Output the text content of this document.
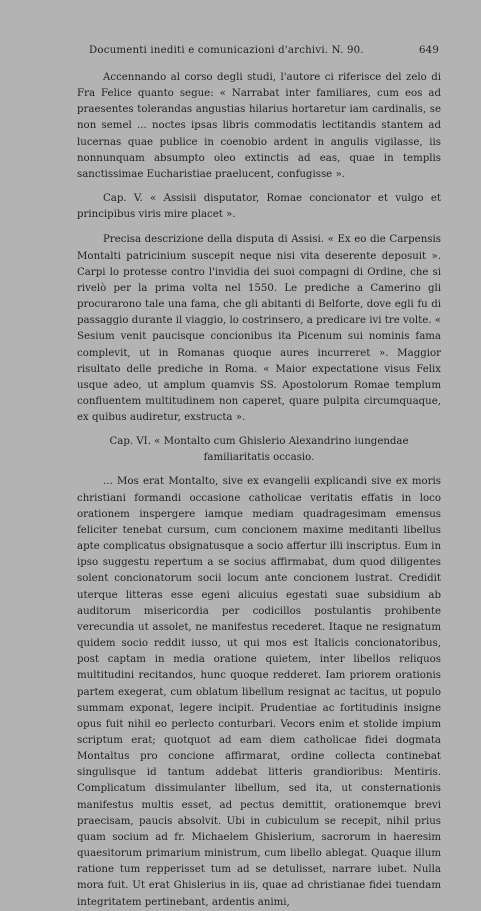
Documenti inediti e comunicazioni d'archivi. N. 90.	649

Accennando al corso degli studi, l'autore ci riferisce del zelo di Fra Felice quanto segue: « Narrabat inter familiares, cum eos ad praesentes tolerandas angustias hilarius hortaretur iam cardinalis, se non semel ... noctes ipsas libris commodatis lectitandis stantem ad lucernas quae publice in coenobio ardent in angulis vigilasse, iis nonnunquam absumpto oleo extinctis ad eas, quae in templis sanctissimae Eucharistiae praelucent, confugisse ».

Cap. V. « Assisii disputator, Romae concionator et vulgo et principibus viris mire placet ».

Precisa descrizione della disputa di Assisi. « Ex eo die Carpensis Montalti patricinium suscepit neque nisi vita deserente deposuit ». Carpi lo protesse contro l'invidia dei suoi compagni di Ordine, che si rivelò per la prima volta nel 1550. Le prediche a Camerino gli procurarono tale una fama, che gli abitanti di Belforte, dove egli fu di passaggio durante il viaggio, lo costrinsero, a predicare ivi tre volte. « Sesium venit paucisque concionibus ita Picenum sui nominis fama complevit, ut in Romanas quoque aures incurreret ». Maggior risultato delle prediche in Roma. « Maior expectatione visus Felix usque adeo, ut amplum quamvis SS. Apostolorum Romae templum confluentem multitudinem non caperet, quare pulpita circumquaque, ex quibus audiretur, exstructa ».

Cap. VI. « Montalto cum Ghislerio Alexandrino iungendae familiaritatis occasio.

... Mos erat Montalto, sive ex evangelii explicandi sive ex moris christiani formandi occasione catholicae veritatis effatis in loco orationem inspergere iamque mediam quadragesimam emensus feliciter tenebat cursum, cum concionem maxime meditanti libellus apte complicatus obsignatusque a socio affertur illi inscriptus. Eum in ipso suggestu repertum a se socius affirmabat, dum quod diligentes solent concionatorum socii locum ante concionem lustrat. Credidit uterque litteras esse egeni alicuius egestati suae subsidium ab auditorum misericordia per codicillos postulantis prohibente verecundia ut assolet, ne manifestus recederet. Itaque ne resignatum quidem socio reddit iusso, ut qui mos est Italicis concionatoribus, post captam in media oratione quietem, inter libellos reliquos multitudini recitandos, hunc quoque redderet. Iam priorem orationis partem exegerat, cum oblatum libellum resignat ac tacitus, ut populo summam exponat, legere incipit. Prudentiae ac fortitudinis insigne opus fuit nihil eo perlecto conturbari. Vecors enim et stolide impium scriptum erat; quotquot ad eam diem catholicae fidei dogmata Montaltus pro concione affirmarat, ordine collecta continebat singulisque id tantum addebat litteris grandioribus: Mentiris. Complicatum dissimulanter libellum, sed ita, ut consternationis manifestus multis esset, ad pectus demittit, orationemque brevi praecisam, paucis absolvit. Ubi in cubiculum se recepit, nihil prius quam socium ad fr. Michaelem Ghislerium, sacrorum in haeresim quaesitorum primarium ministrum, cum libello ablegat. Quaque illum ratione tum repperisset tum ad se detulisset, narrare iubet. Nulla mora fuit. Ut erat Ghislerius in iis, quae ad christianae fidei tuendam integritatem pertinebant, ardentis animi,
